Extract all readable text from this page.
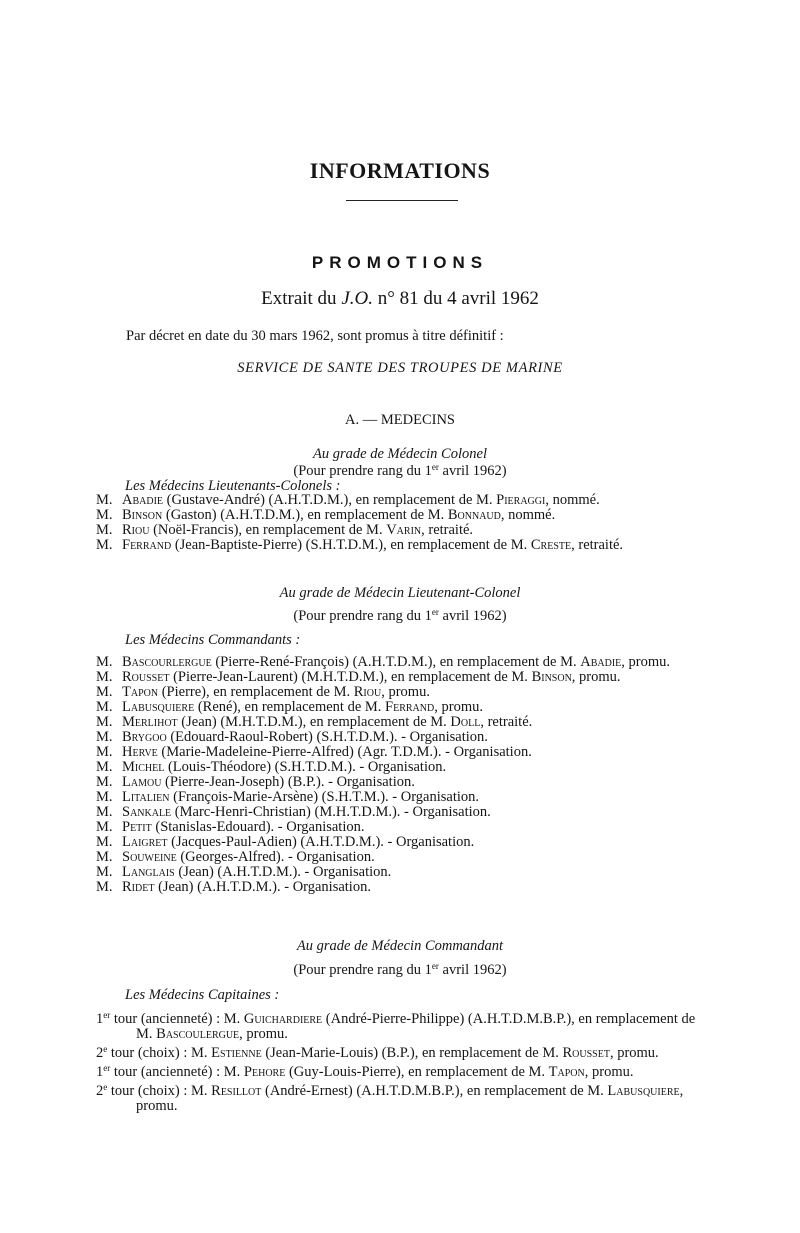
INFORMATIONS
PROMOTIONS
Extrait du J.O. n° 81 du 4 avril 1962
Par décret en date du 30 mars 1962, sont promus à titre définitif :
SERVICE DE SANTE DES TROUPES DE MARINE
A. — MEDECINS
Au grade de Médecin Colonel
(Pour prendre rang du 1er avril 1962)
Les Médecins Lieutenants-Colonels :
M. Abadie (Gustave-André) (A.H.T.D.M.), en remplacement de M. Pieraggi, nommé.
M. Binson (Gaston) (A.H.T.D.M.), en remplacement de M. Bonnaud, nommé.
M. Riou (Noël-Francis), en remplacement de M. Varin, retraité.
M. Ferrand (Jean-Baptiste-Pierre) (S.H.T.D.M.), en remplacement de M. Creste, retraité.
Au grade de Médecin Lieutenant-Colonel
(Pour prendre rang du 1er avril 1962)
Les Médecins Commandants :
M. Bascourlergue (Pierre-René-François) (A.H.T.D.M.), en remplacement de M. Abadie, promu.
M. Rousset (Pierre-Jean-Laurent) (M.H.T.D.M.), en remplacement de M. Binson, promu.
M. Tapon (Pierre), en remplacement de M. Riou, promu.
M. Labusquiere (René), en remplacement de M. Ferrand, promu.
M. Merlihot (Jean) (M.H.T.D.M.), en remplacement de M. Doll, retraité.
M. Brygoo (Edouard-Raoul-Robert) (S.H.T.D.M.). - Organisation.
M. Herve (Marie-Madeleine-Pierre-Alfred) (Agr. T.D.M.). - Organisation.
M. Michel (Louis-Théodore) (S.H.T.D.M.). - Organisation.
M. Lamou (Pierre-Jean-Joseph) (B.P.). - Organisation.
M. Litalien (François-Marie-Arsène) (S.H.T.M.). - Organisation.
M. Sankale (Marc-Henri-Christian) (M.H.T.D.M.). - Organisation.
M. Petit (Stanislas-Edouard). - Organisation.
M. Laigret (Jacques-Paul-Adien) (A.H.T.D.M.). - Organisation.
M. Souweine (Georges-Alfred). - Organisation.
M. Langlais (Jean) (A.H.T.D.M.). - Organisation.
M. Ridet (Jean) (A.H.T.D.M.). - Organisation.
Au grade de Médecin Commandant
(Pour prendre rang du 1er avril 1962)
Les Médecins Capitaines :
1er tour (ancienneté) : M. Guichardiere (André-Pierre-Philippe) (A.H.T.D.M.B.P.), en remplacement de M. Bascoulergue, promu.
2e tour (choix) : M. Estienne (Jean-Marie-Louis) (B.P.), en remplacement de M. Rousset, promu.
1er tour (ancienneté) : M. Pehore (Guy-Louis-Pierre), en remplacement de M. Tapon, promu.
2e tour (choix) : M. Resillot (André-Ernest) (A.H.T.D.M.B.P.), en remplacement de M. Labusquiere, promu.
